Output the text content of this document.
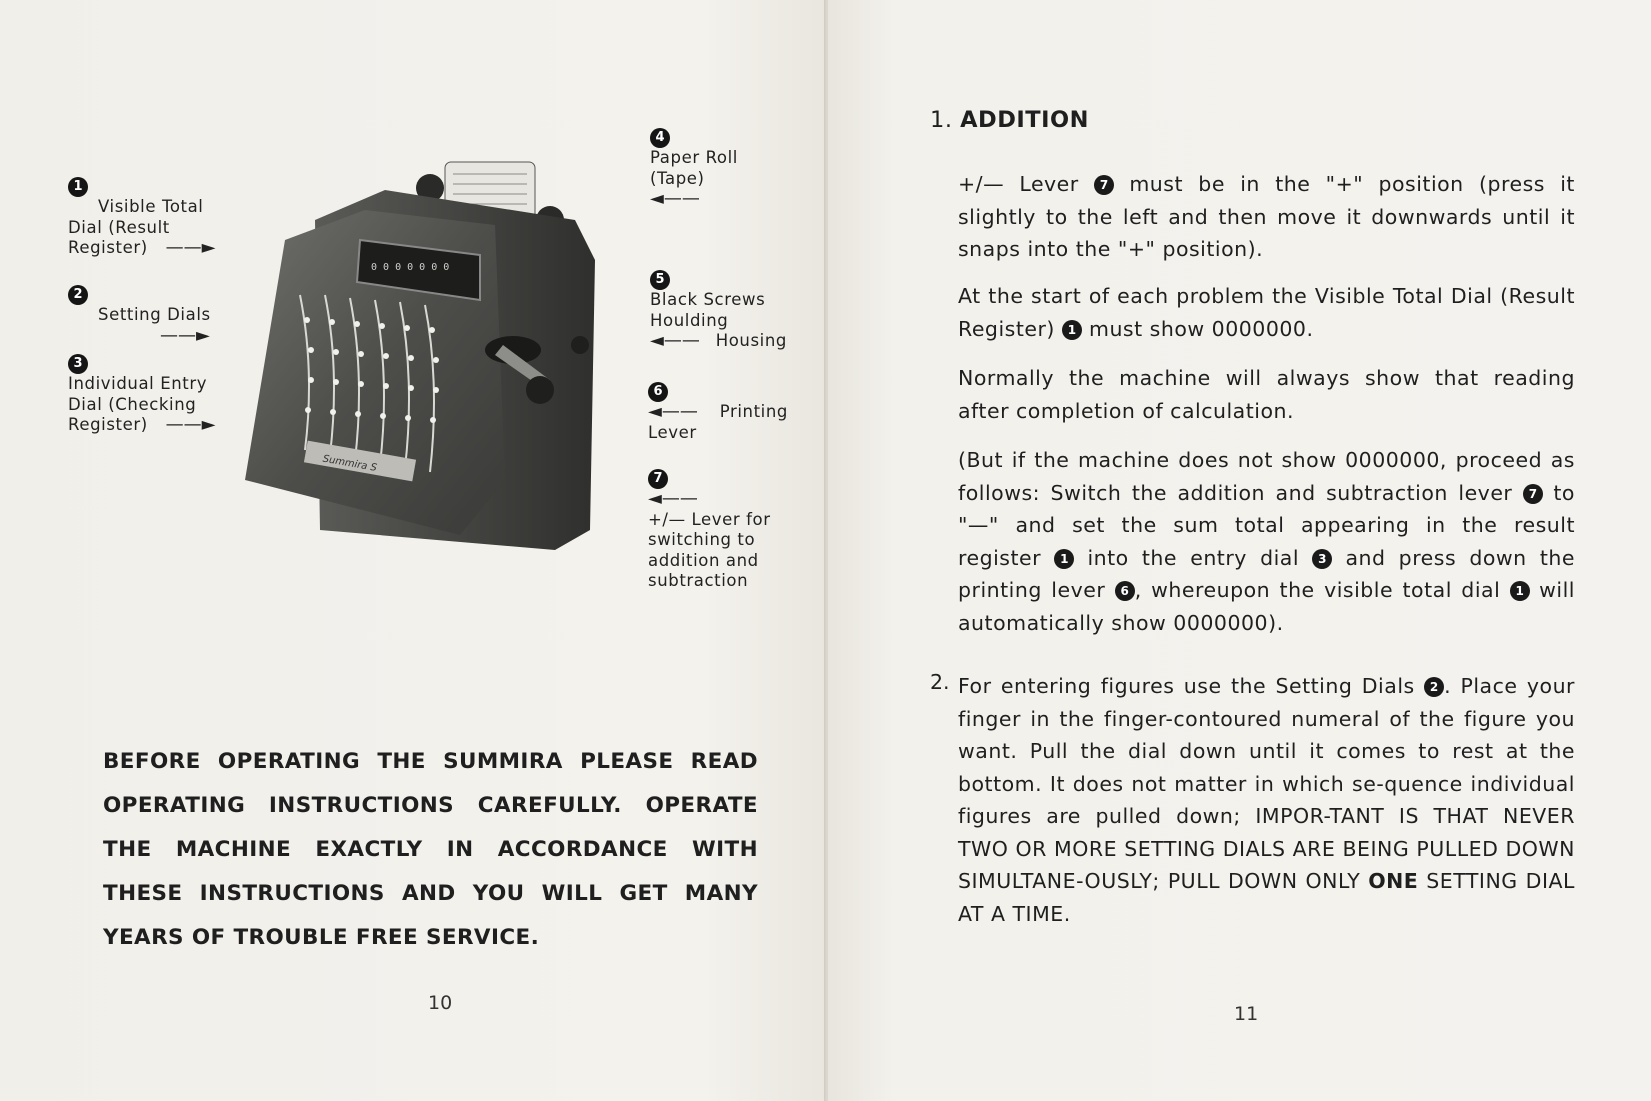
1
Visible Total
Dial (Result
Register) ——►
2
Setting Dials
——►
3
Individual Entry
Dial (Checking
Register) ——►
4
Paper Roll
(Tape)
◄——
5
Black Screws
Houlding
◄—— Housing
6
◄—— Printing
Lever
7
◄——
+/— Lever for
switching to
addition and
subtraction
0 0 0 0 0 0 0
Summira S
BEFORE OPERATING THE SUMMIRA PLEASE READ OPERATING INSTRUCTIONS CAREFULLY. OPERATE THE MACHINE EXACTLY IN ACCORDANCE WITH THESE INSTRUCTIONS AND YOU WILL GET MANY YEARS OF TROUBLE FREE SERVICE.
10
1. ADDITION
+/— Lever 7 must be in the "+" position (press it slightly to the left and then move it downwards until it snaps into the "+" position).
At the start of each problem the Visible Total Dial (Result Register) 1 must show 0000000.
Normally the machine will always show that reading after completion of calculation.
(But if the machine does not show 0000000, proceed as follows: Switch the addition and subtraction lever 7 to "—" and set the sum total appearing in the result register 1 into the entry dial 3 and press down the printing lever 6 , whereupon the visible total dial 1 will automatically show 0000000).
2. For entering figures use the Setting Dials 2 . Place your finger in the finger-contoured numeral of the figure you want. Pull the dial down until it comes to rest at the bottom. It does not matter in which se-quence individual figures are pulled down; IMPOR-TANT IS THAT NEVER TWO OR MORE SETTING DIALS ARE BEING PULLED DOWN SIMULTANE-OUSLY; PULL DOWN ONLY ONE SETTING DIAL AT A TIME.
11
